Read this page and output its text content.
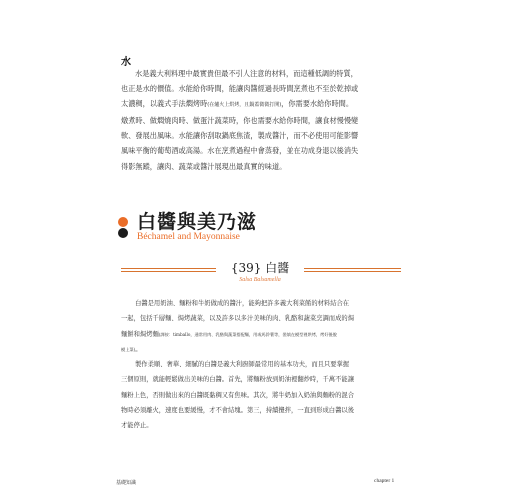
水

水是義大利料理中最實貴但最不引人注意的材料，而這種低調的特質，

也正是水的價值。水能給你時間，能讓肉醬經過長時間烹煮也不至於乾掉或

太濃稠，以義式手法燜烤時(在爐火上烘烤，且鍋蓋微微打開)，你需要水給你時間。

燉煮時、做燜燒肉時、做蛋汁蔬菜時，你也需要水給你時間，讓食材慢慢變

軟、發展出風味。水能讓你刮取鍋底焦渣，製成醬汁，而不必使用可能影響

風味平衡的葡萄酒或高湯。水在烹煮過程中會蒸發，並在功成身退以後消失

得影無蹤，讓肉、蔬菜或醬汁展現出最真實的味道。

白醬與美乃滋
Béchamel and Mayonnaise
{39} 白醬
Salsa Balsamella

白醬是用奶油、麵粉和牛奶做成的醬汁，能夠把許多義大利菜餚的材料結合在

一起，包括千層麵、焗烤蔬菜，以及許多以多汁美味的肉、乳酪和蔬菜烹調而成的焗

麵餅和焗烤麵(譯按：timballo，通常用肉、乳酪與蔬菜搭配麵，用或馬鈴薯等，裝填在模型裡烘烤，烤好後脫

模上菜)。

製作柔順、奢華、細膩的白醬是義大利廚師最常用的基本功夫，而且只要掌握

三個原則，就能輕鬆做出美味的白醬。首先，將麵粉放到奶油裡翻炒時，千萬不能讓

麵粉上色，否則做出來的白醬既黏稠又有焦味。其次，將牛奶加入奶油與麵粉的混合

物時必須離火，速度也要緩慢，才不會結塊。第三，持續攪拌，一直到形成白醬以後

才能停止。

基礎知識	chapter 1
